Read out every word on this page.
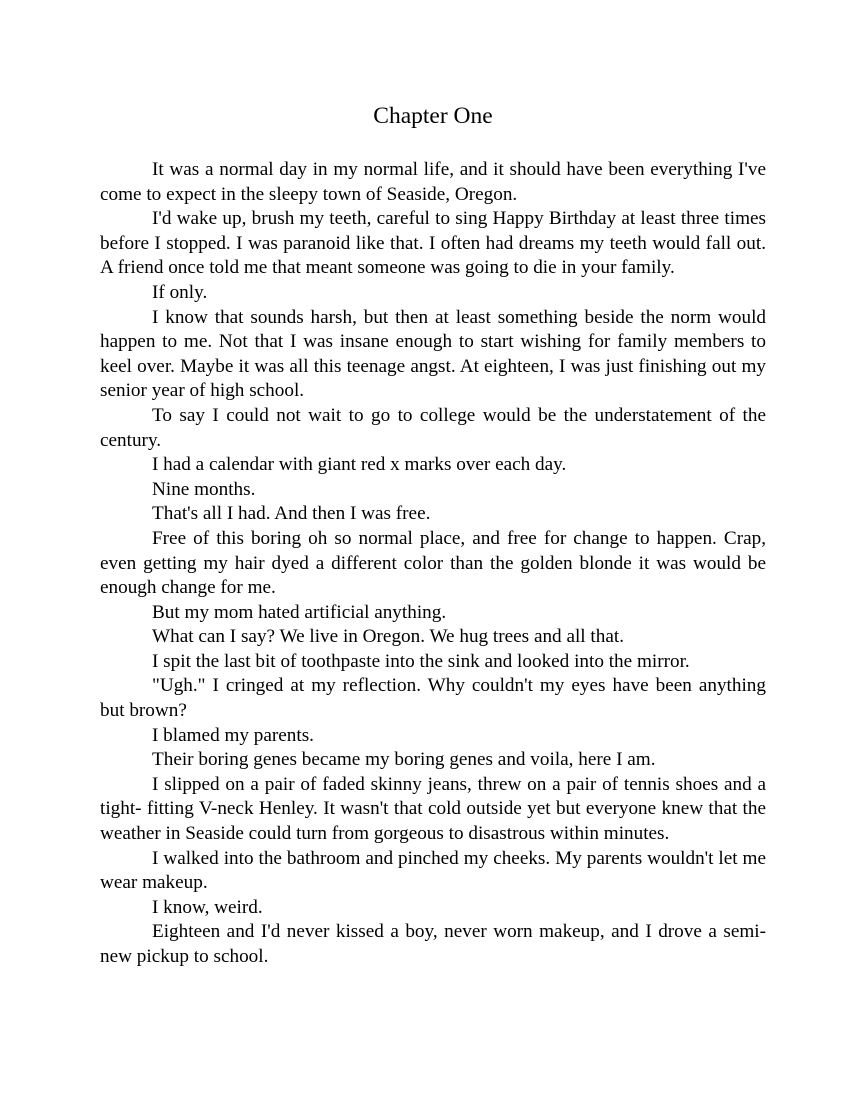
Chapter One

It was a normal day in my normal life, and it should have been everything I've come to expect in the sleepy town of Seaside, Oregon.

I'd wake up, brush my teeth, careful to sing Happy Birthday at least three times before I stopped. I was paranoid like that. I often had dreams my teeth would fall out. A friend once told me that meant someone was going to die in your family.

If only.

I know that sounds harsh, but then at least something beside the norm would happen to me. Not that I was insane enough to start wishing for family members to keel over. Maybe it was all this teenage angst. At eighteen, I was just finishing out my senior year of high school.

To say I could not wait to go to college would be the understatement of the century.

I had a calendar with giant red x marks over each day.

Nine months.

That's all I had. And then I was free.

Free of this boring oh so normal place, and free for change to happen. Crap, even getting my hair dyed a different color than the golden blonde it was would be enough change for me.

But my mom hated artificial anything.

What can I say? We live in Oregon. We hug trees and all that.

I spit the last bit of toothpaste into the sink and looked into the mirror.

"Ugh." I cringed at my reflection. Why couldn't my eyes have been anything but brown?

I blamed my parents.

Their boring genes became my boring genes and voila, here I am.

I slipped on a pair of faded skinny jeans, threw on a pair of tennis shoes and a tight- fitting V-neck Henley. It wasn't that cold outside yet but everyone knew that the weather in Seaside could turn from gorgeous to disastrous within minutes.

I walked into the bathroom and pinched my cheeks. My parents wouldn't let me wear makeup.

I know, weird.

Eighteen and I'd never kissed a boy, never worn makeup, and I drove a semi-new pickup to school.
